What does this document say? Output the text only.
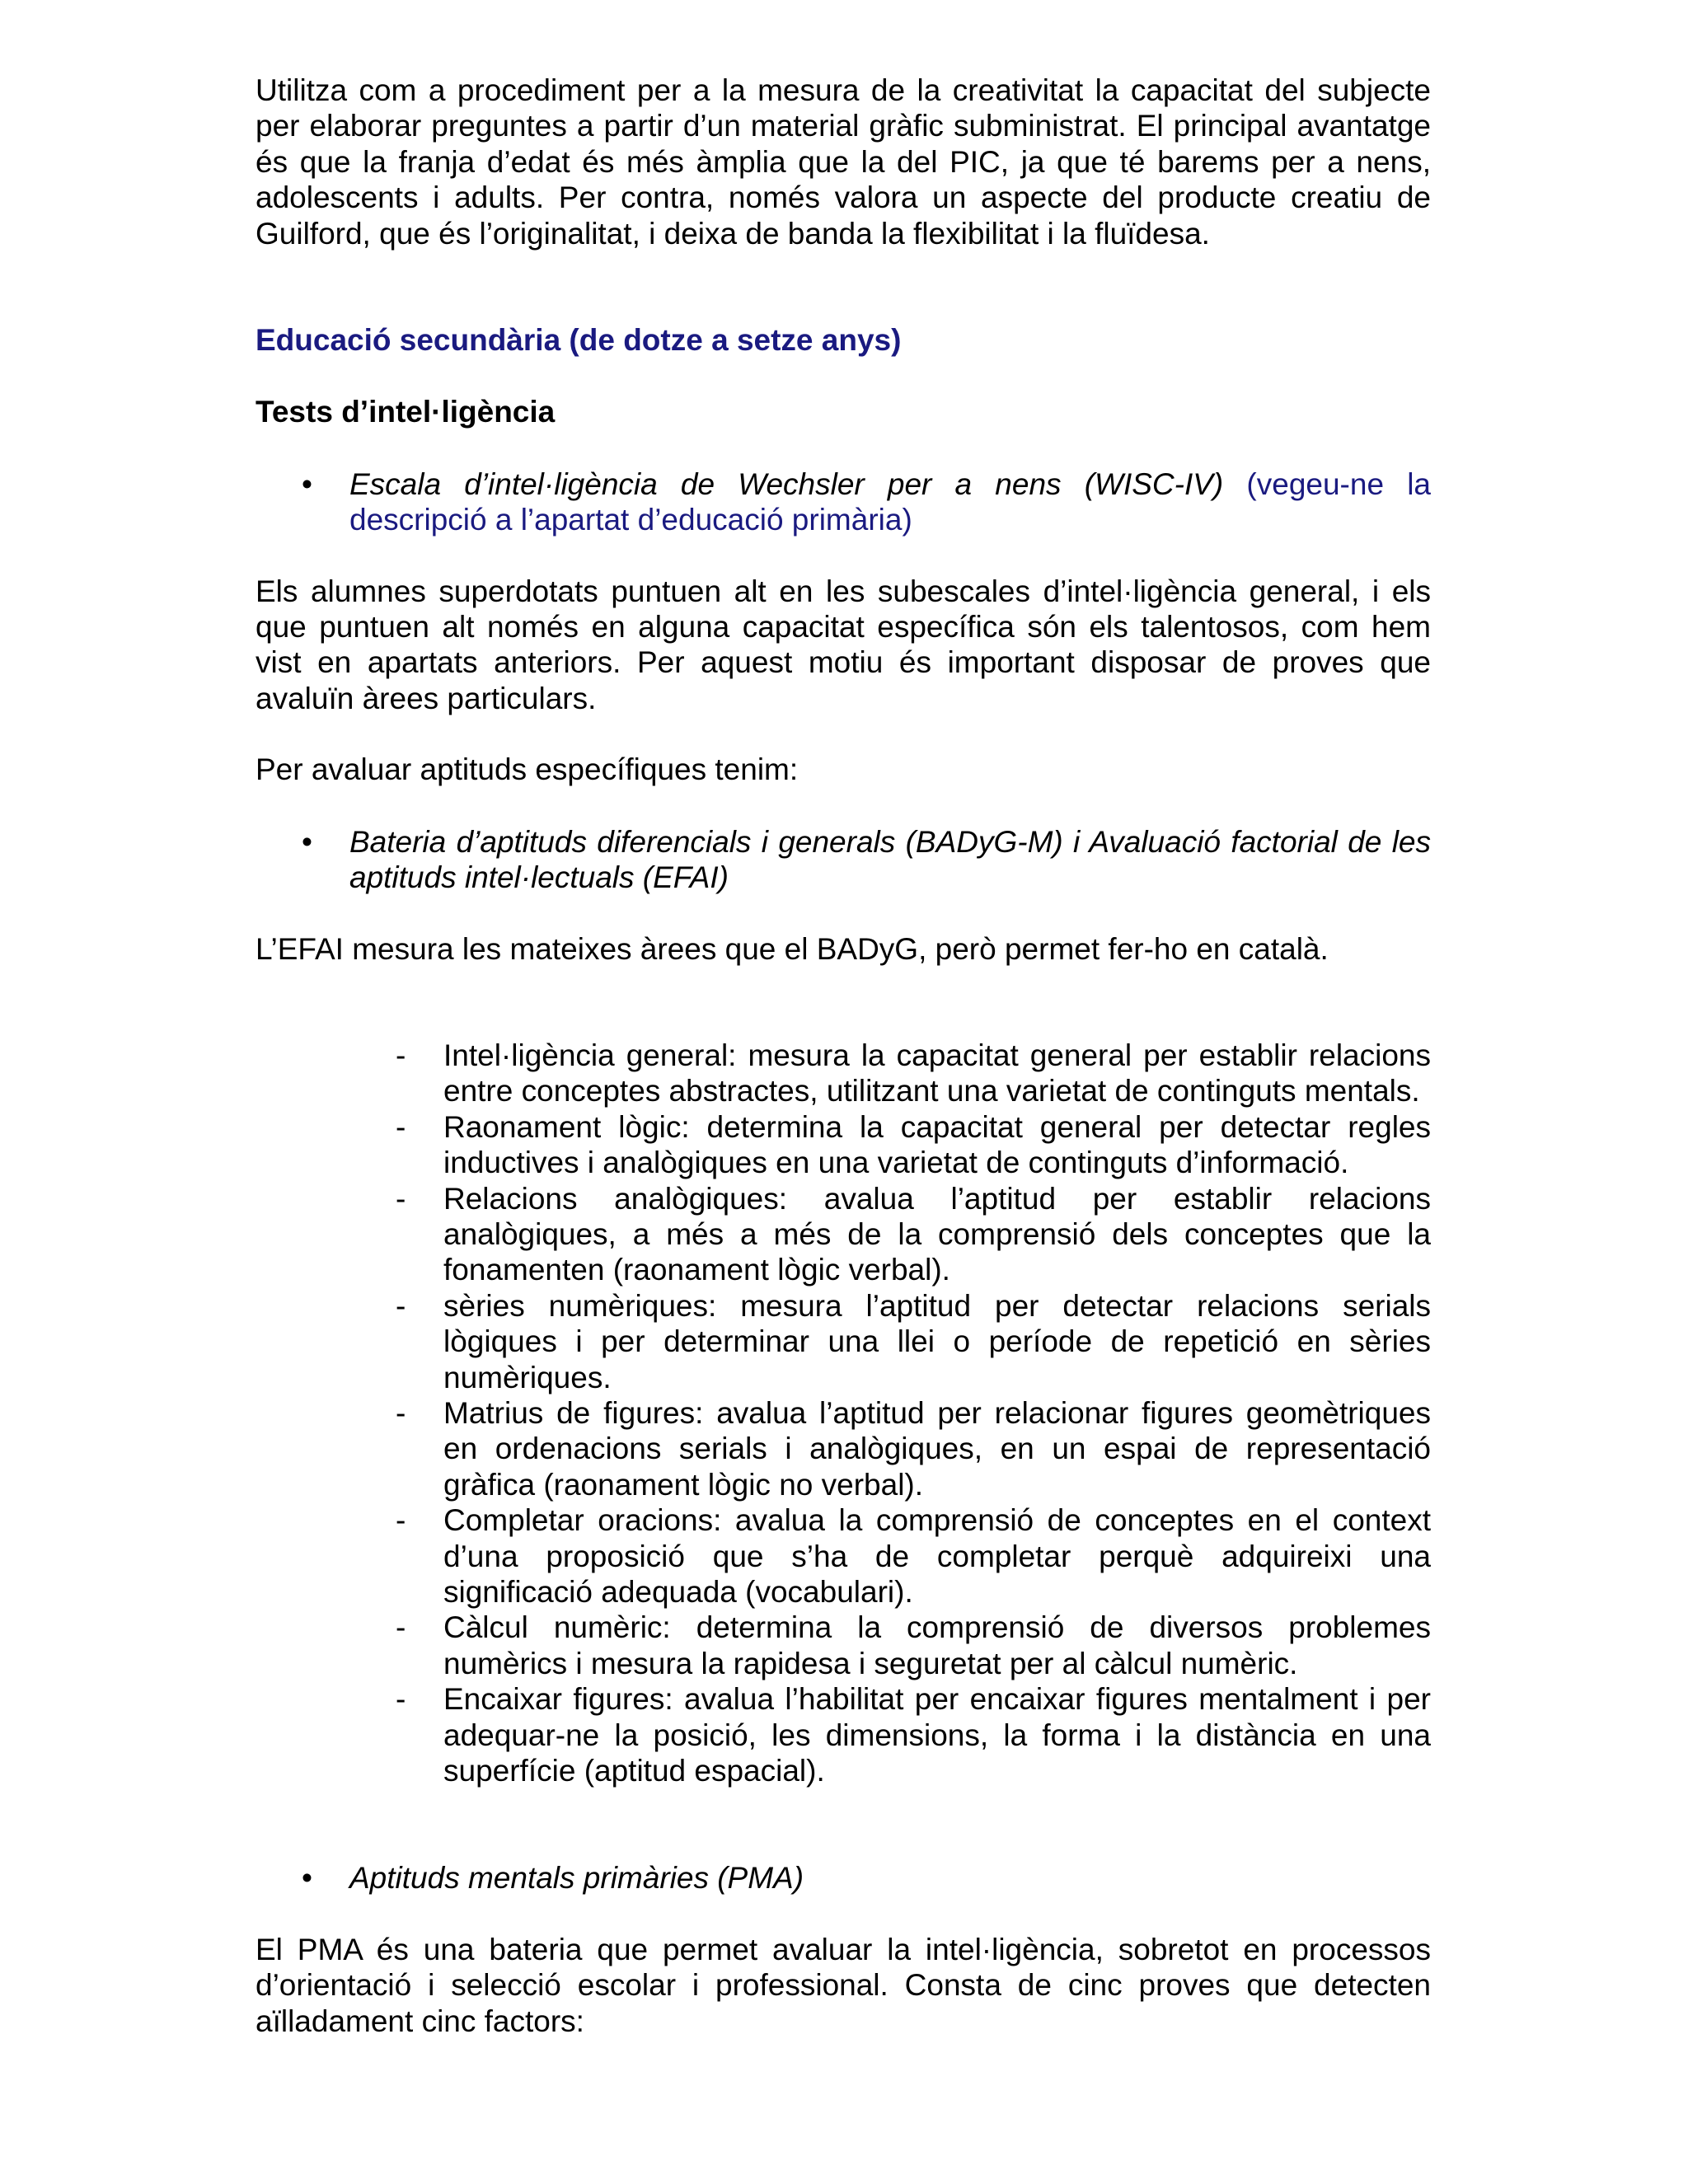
Utilitza com a procediment per a la mesura de la creativitat la capacitat del subjecte per elaborar preguntes a partir d’un material gràfic subministrat. El principal avantatge és que la franja d’edat és més àmplia que la del PIC, ja que té barems per a nens, adolescents i adults. Per contra, només valora un aspecte del producte creatiu de Guilford, que és l’originalitat, i deixa de banda la flexibilitat i la fluïdesa.

Educació secundària (de dotze a setze anys)

Tests d’intel·ligència

• Escala d’intel·ligència de Wechsler per a nens (WISC-IV) (vegeu-ne la descripció a l’apartat d’educació primària)

Els alumnes superdotats puntuen alt en les subescales d’intel·ligència general, i els que puntuen alt només en alguna capacitat específica són els talentosos, com hem vist en apartats anteriors. Per aquest motiu és important disposar de proves que avaluïn àrees particulars.

Per avaluar aptituds específiques tenim:

• Bateria d’aptituds diferencials i generals (BADyG-M) i Avaluació factorial de les aptituds intel·lectuals (EFAI)

L’EFAI mesura les mateixes àrees que el BADyG, però permet fer-ho en català.

- Intel·ligència general: mesura la capacitat general per establir relacions entre conceptes abstractes, utilitzant una varietat de continguts mentals.
- Raonament lògic: determina la capacitat general per detectar regles inductives i analògiques en una varietat de continguts d’informació.
- Relacions analògiques: avalua l’aptitud per establir relacions analògiques, a més a més de la comprensió dels conceptes que la fonamenten (raonament lògic verbal).
- sèries numèriques: mesura l’aptitud per detectar relacions serials lògiques i per determinar una llei o període de repetició en sèries numèriques.
- Matrius de figures: avalua l’aptitud per relacionar figures geomètriques en ordenacions serials i analògiques, en un espai de representació gràfica (raonament lògic no verbal).
- Completar oracions: avalua la comprensió de conceptes en el context d’una proposició que s’ha de completar perquè adquireixi una significació adequada (vocabulari).
- Càlcul numèric: determina la comprensió de diversos problemes numèrics i mesura la rapidesa i seguretat per al càlcul numèric.
- Encaixar figures: avalua l’habilitat per encaixar figures mentalment i per adequar-ne la posició, les dimensions, la forma i la distància en una superfície (aptitud espacial).
• Aptituds mentals primàries (PMA)

El PMA és una bateria que permet avaluar la intel·ligència, sobretot en processos d’orientació i selecció escolar i professional. Consta de cinc proves que detecten aïlladament cinc factors:
